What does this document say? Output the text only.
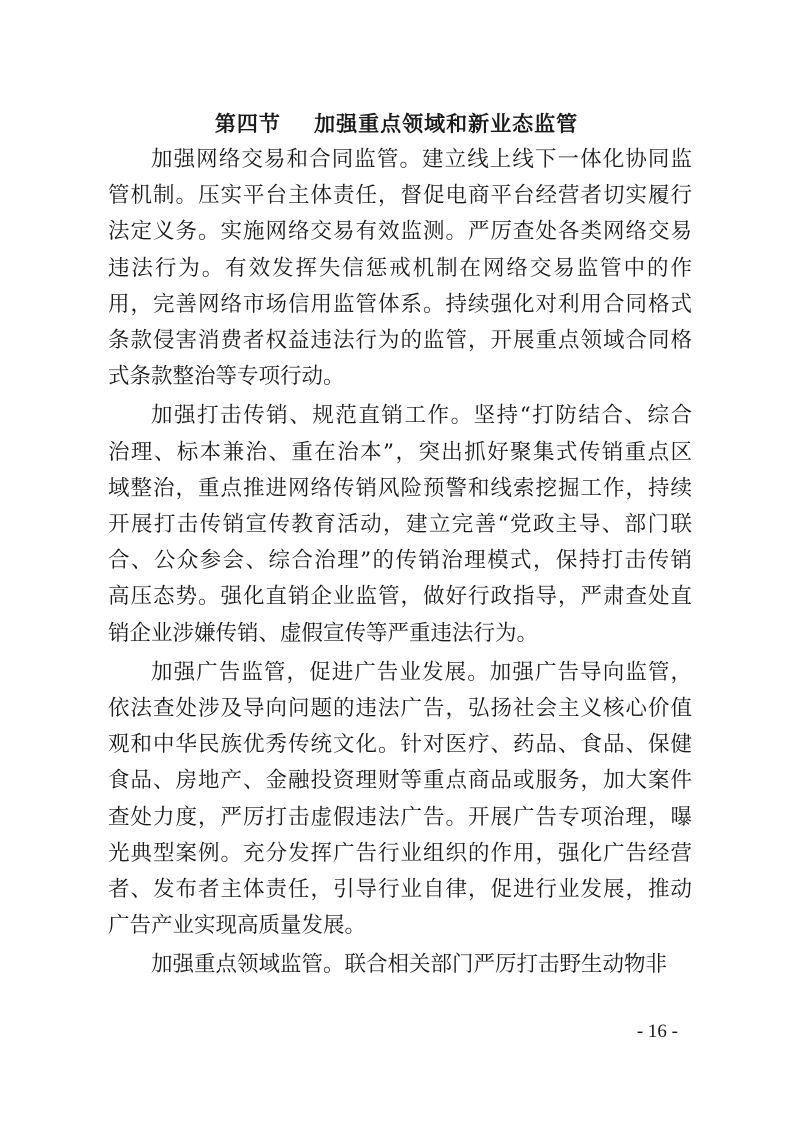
第四节    加强重点领域和新业态监管
加强网络交易和合同监管。建立线上线下一体化协同监
管机制。压实平台主体责任，督促电商平台经营者切实履行
法定义务。实施网络交易有效监测。严厉查处各类网络交易
违法行为。有效发挥失信惩戒机制在网络交易监管中的作
用，完善网络市场信用监管体系。持续强化对利用合同格式
条款侵害消费者权益违法行为的监管，开展重点领域合同格
式条款整治等专项行动。
加强打击传销、规范直销工作。坚持“打防结合、综合
治理、标本兼治、重在治本”，突出抓好聚集式传销重点区
域整治，重点推进网络传销风险预警和线索挖掘工作，持续
开展打击传销宣传教育活动，建立完善“党政主导、部门联
合、公众参会、综合治理”的传销治理模式，保持打击传销
高压态势。强化直销企业监管，做好行政指导，严肃查处直
销企业涉嫌传销、虚假宣传等严重违法行为。
加强广告监管，促进广告业发展。加强广告导向监管，
依法查处涉及导向问题的违法广告，弘扬社会主义核心价值
观和中华民族优秀传统文化。针对医疗、药品、食品、保健
食品、房地产、金融投资理财等重点商品或服务，加大案件
查处力度，严厉打击虚假违法广告。开展广告专项治理，曝
光典型案例。充分发挥广告行业组织的作用，强化广告经营
者、发布者主体责任，引导行业自律，促进行业发展，推动
广告产业实现高质量发展。
加强重点领域监管。联合相关部门严厉打击野生动物非
- 16 -
